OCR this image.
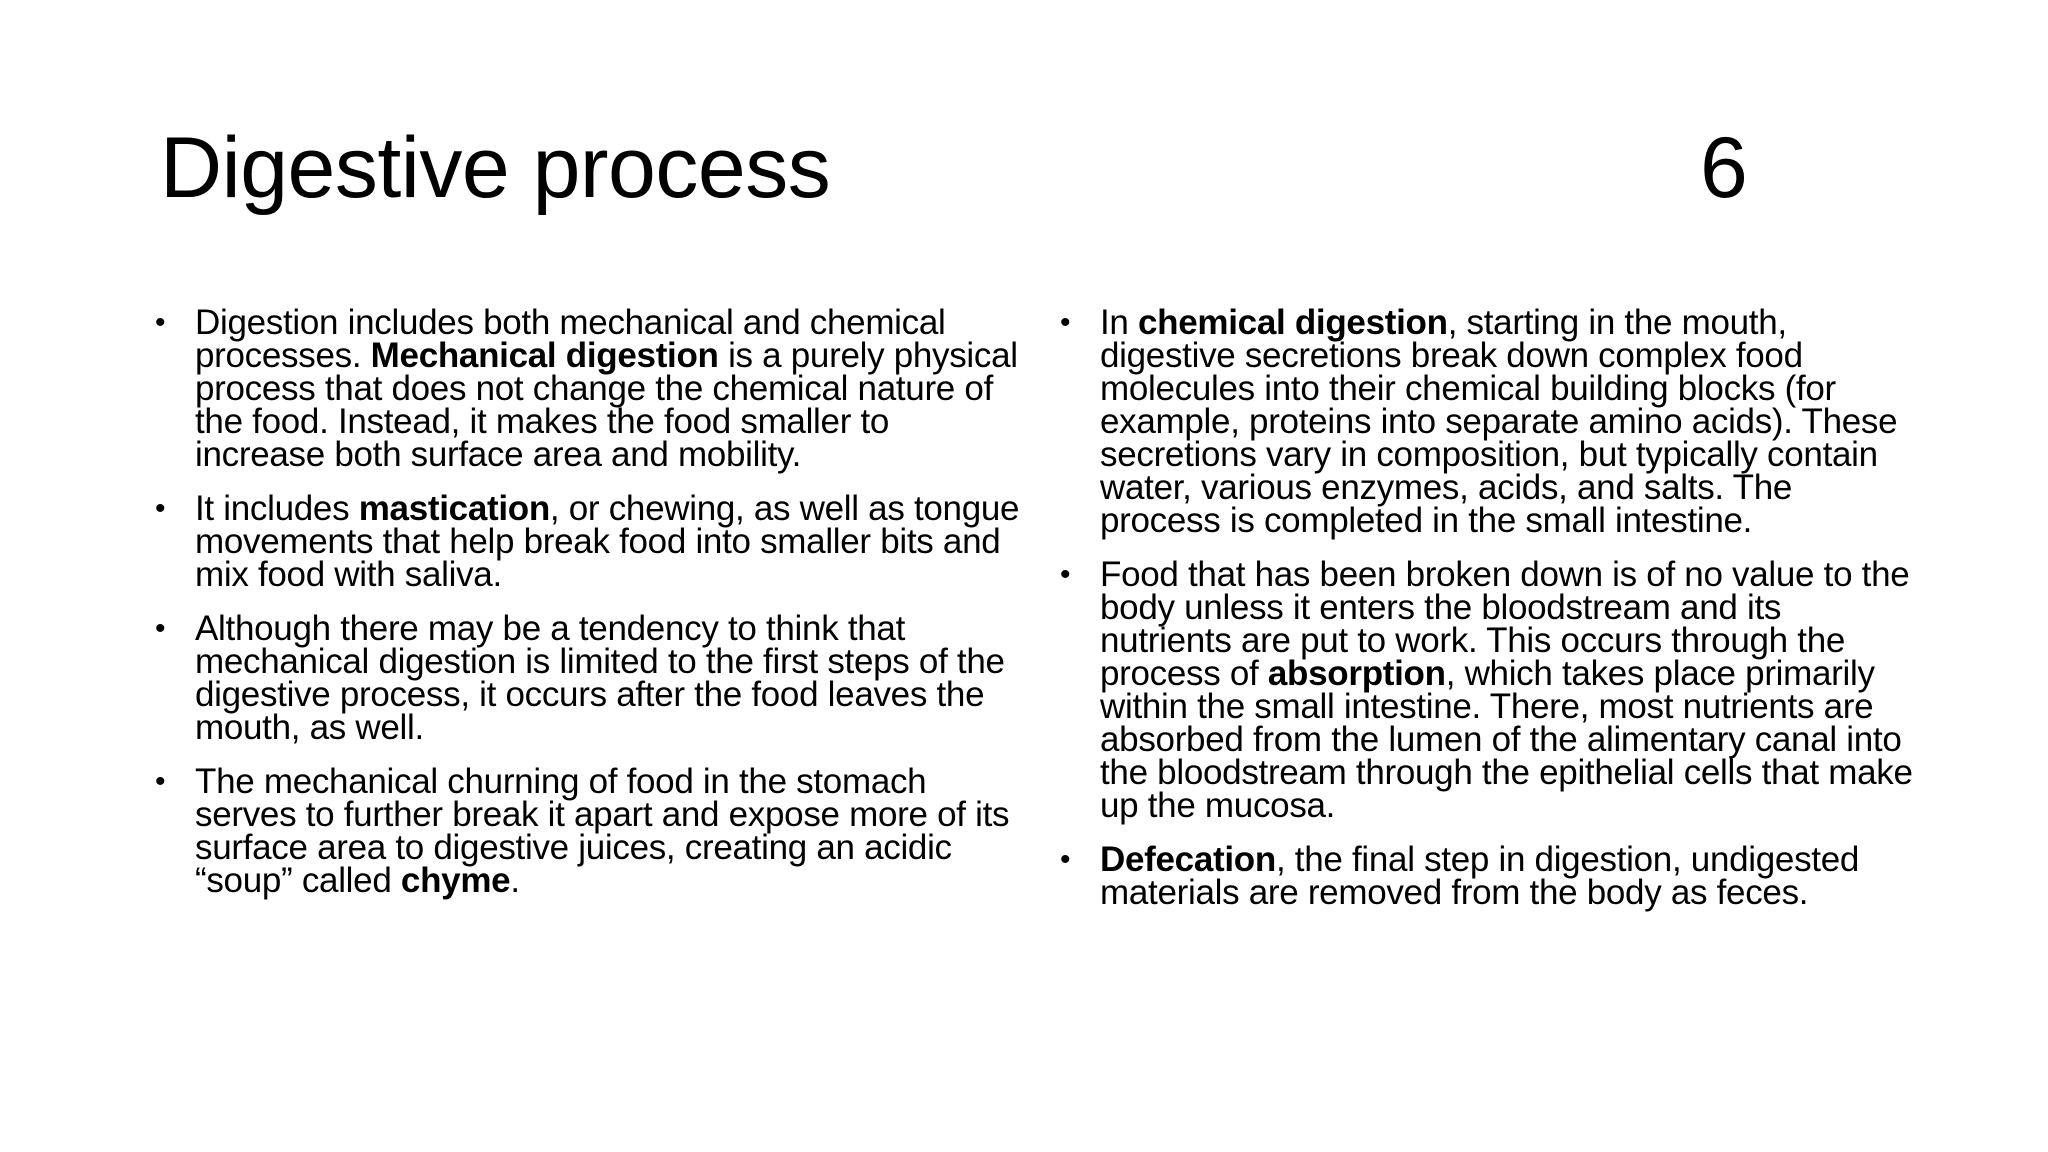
Digestive process	6
• Digestion includes both mechanical and chemical processes. Mechanical digestion is a purely physical process that does not change the chemical nature of the food. Instead, it makes the food smaller to increase both surface area and mobility.
• It includes mastication, or chewing, as well as tongue movements that help break food into smaller bits and mix food with saliva.
• Although there may be a tendency to think that mechanical digestion is limited to the first steps of the digestive process, it occurs after the food leaves the mouth, as well.
• The mechanical churning of food in the stomach serves to further break it apart and expose more of its surface area to digestive juices, creating an acidic “soup” called chyme.
• In chemical digestion, starting in the mouth, digestive secretions break down complex food molecules into their chemical building blocks (for example, proteins into separate amino acids). These secretions vary in composition, but typically contain water, various enzymes, acids, and salts. The process is completed in the small intestine.
• Food that has been broken down is of no value to the body unless it enters the bloodstream and its nutrients are put to work. This occurs through the process of absorption, which takes place primarily within the small intestine. There, most nutrients are absorbed from the lumen of the alimentary canal into the bloodstream through the epithelial cells that make up the mucosa.
• Defecation, the final step in digestion, undigested materials are removed from the body as feces.
